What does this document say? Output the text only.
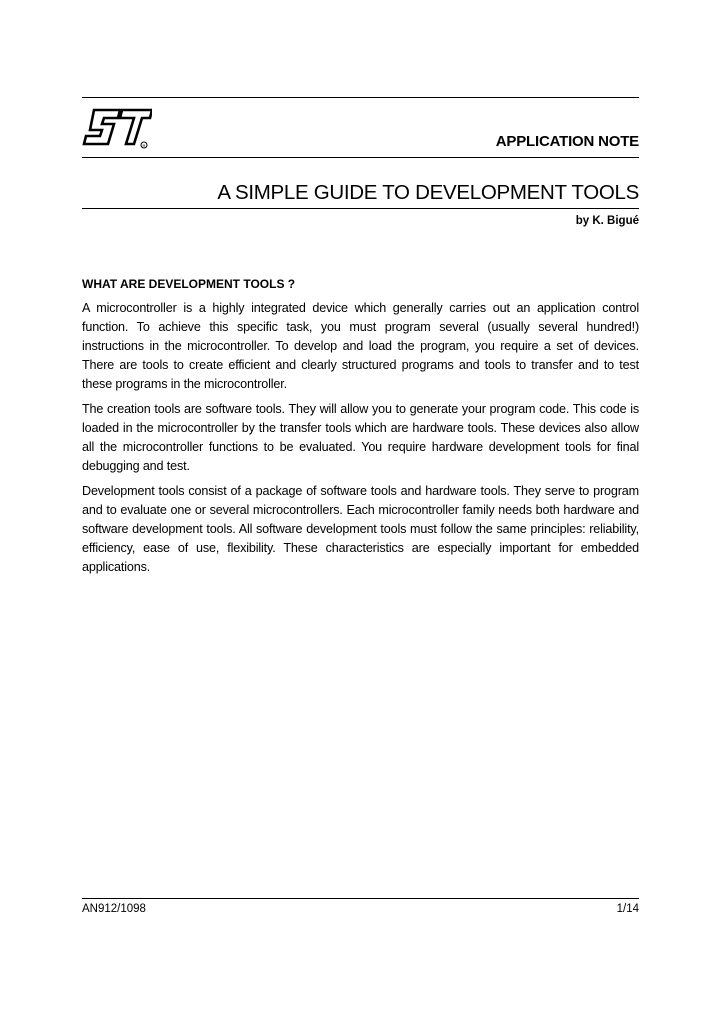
R	APPLICATION NOTE
A SIMPLE GUIDE TO DEVELOPMENT TOOLS
by K. Bigué
WHAT ARE DEVELOPMENT TOOLS ?

A microcontroller is a highly integrated device which generally carries out an application control function. To achieve this specific task, you must program several (usually several hundred!) instructions in the microcontroller. To develop and load the program, you require a set of devices. There are tools to create efficient and clearly structured programs and tools to transfer and to test these programs in the microcontroller.

The creation tools are software tools. They will allow you to generate your program code. This code is loaded in the microcontroller by the transfer tools which are hardware tools. These devices also allow all the microcontroller functions to be evaluated. You require hardware development tools for final debugging and test.

Development tools consist of a package of software tools and hardware tools. They serve to program and to evaluate one or several microcontrollers. Each microcontroller family needs both hardware and software development tools. All software development tools must follow the same principles: reliability, efficiency, ease of use, flexibility. These characteristics are especially important for embedded applications.

AN912/1098	1/14
